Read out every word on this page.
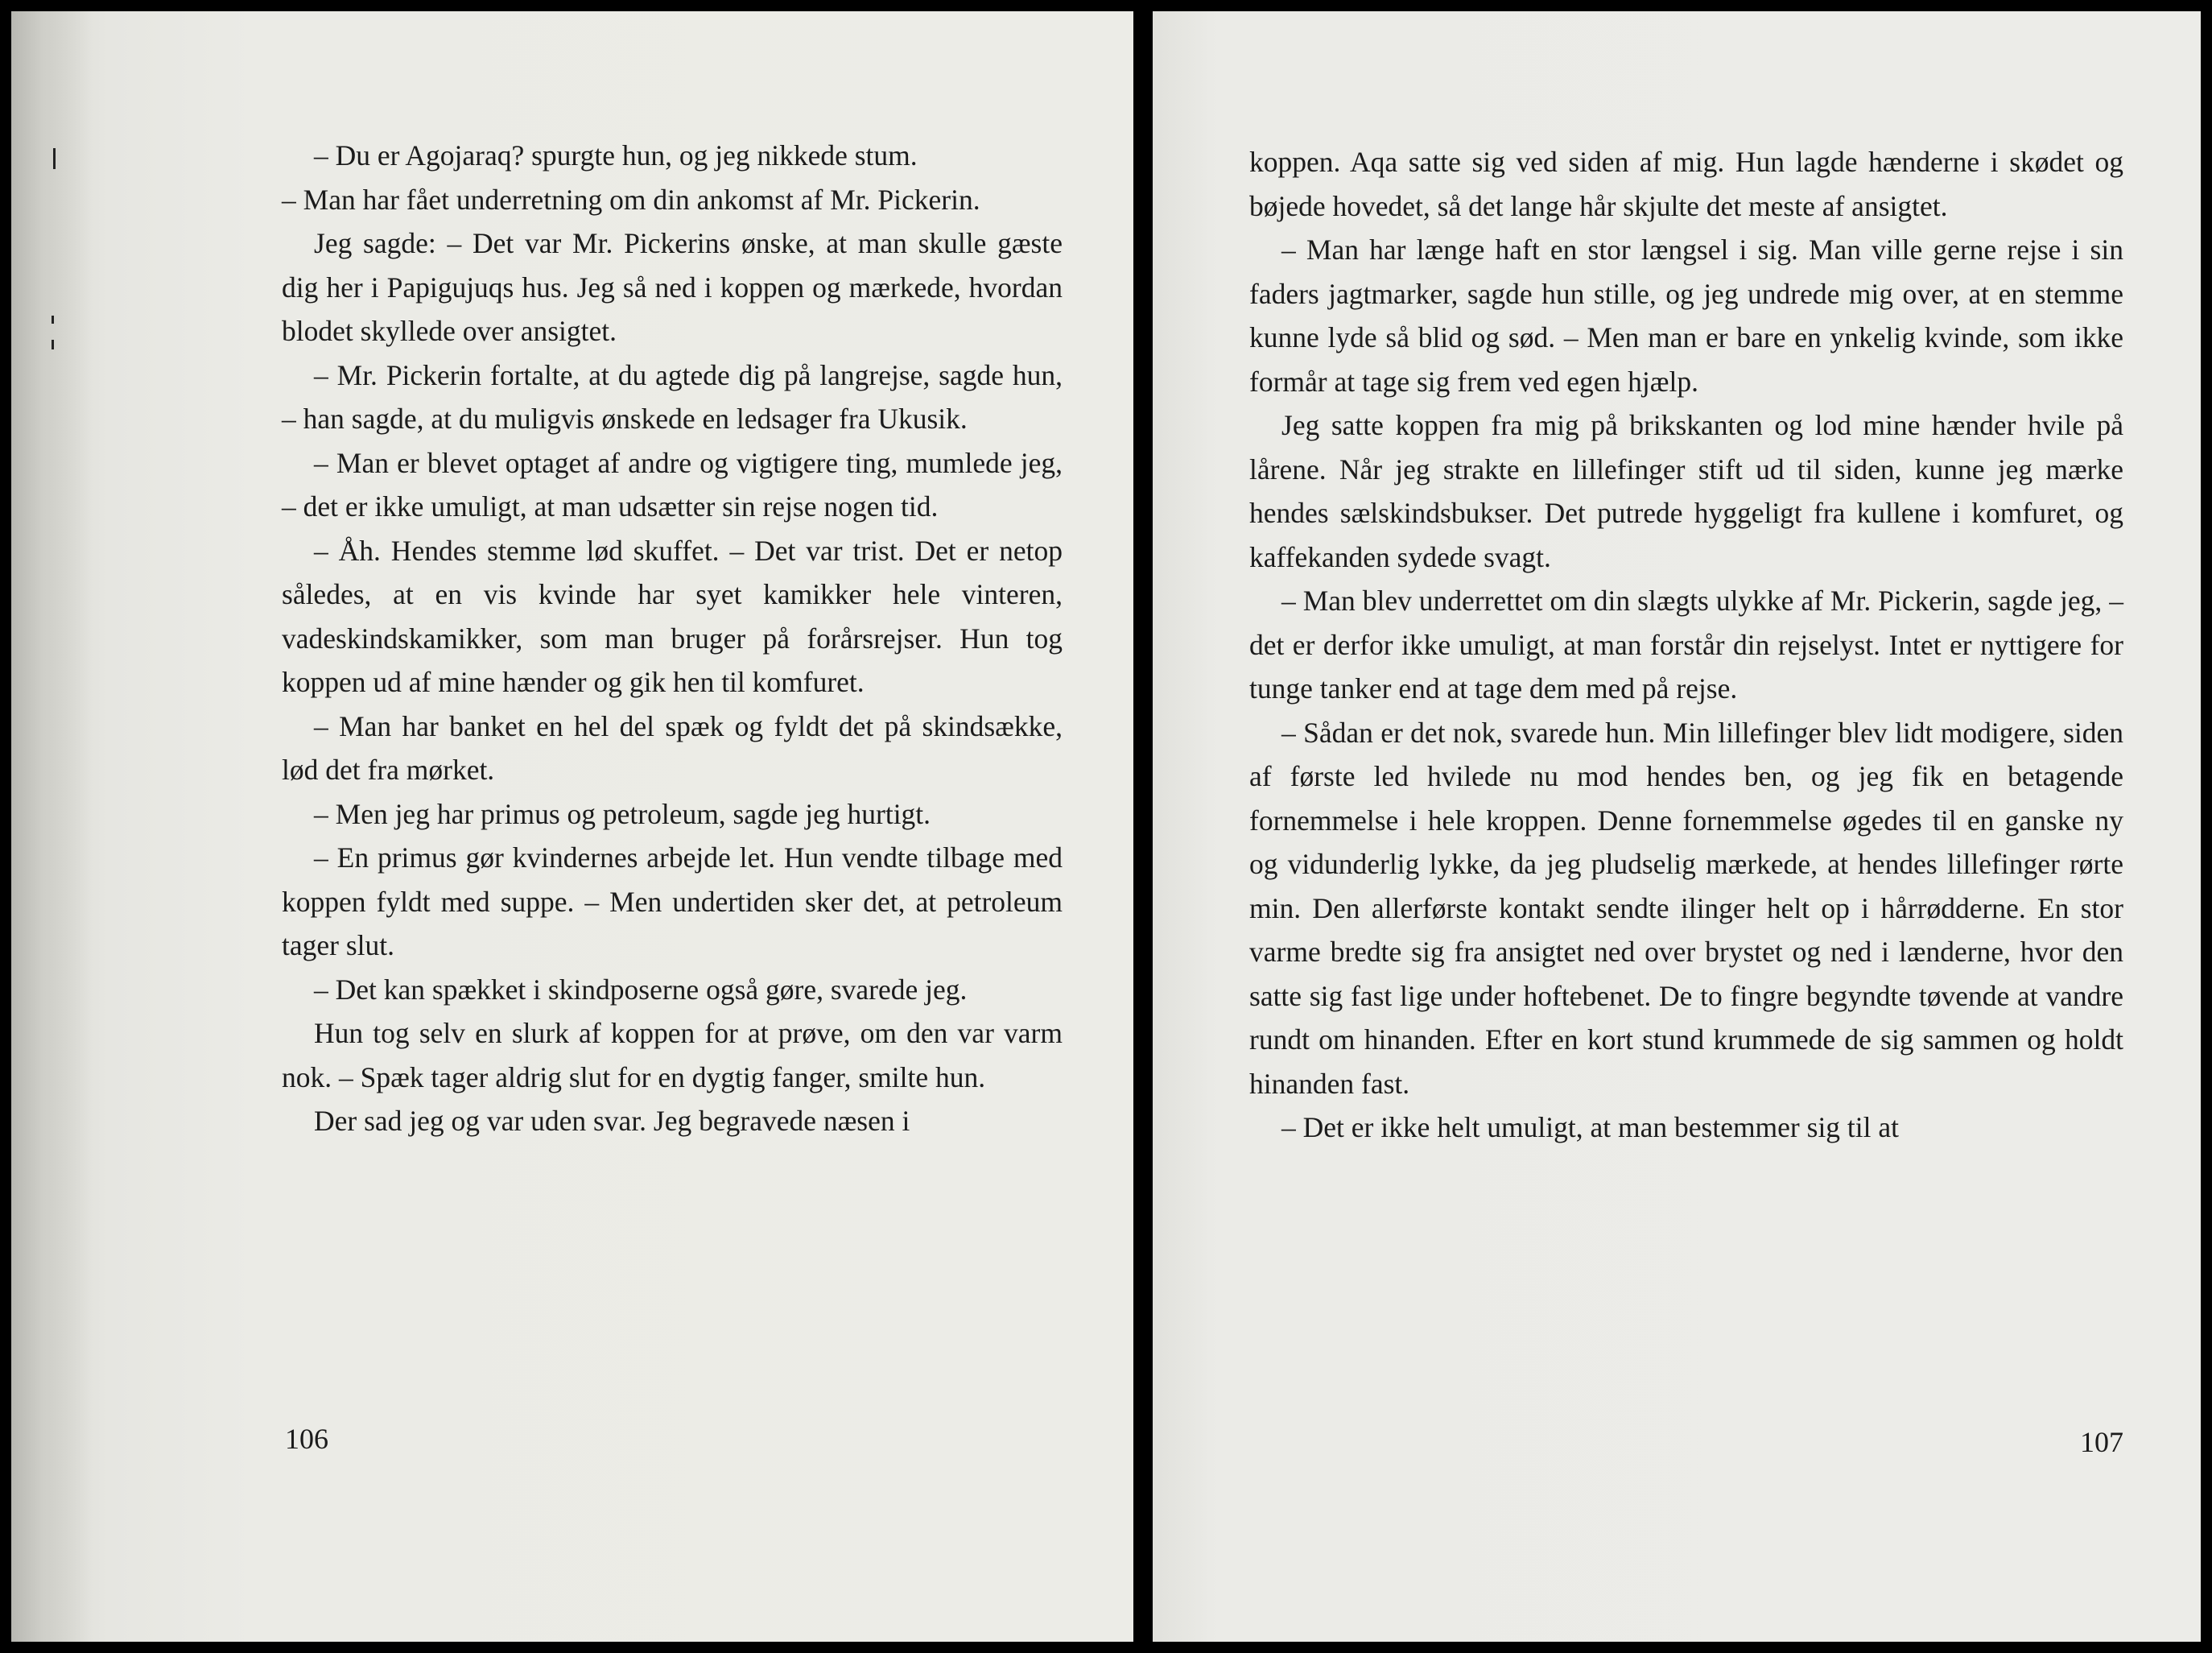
– Du er Agojaraq? spurgte hun, og jeg nikkede stum.

– Man har fået underretning om din ankomst af Mr. Pickerin.

Jeg sagde: – Det var Mr. Pickerins ønske, at man skulle gæste dig her i Papigujuqs hus. Jeg så ned i koppen og mærkede, hvordan blodet skyllede over ansigtet.

– Mr. Pickerin fortalte, at du agtede dig på langrejse, sagde hun, – han sagde, at du muligvis ønskede en ledsager fra Ukusik.

– Man er blevet optaget af andre og vigtigere ting, mumlede jeg, – det er ikke umuligt, at man udsætter sin rejse nogen tid.

– Åh. Hendes stemme lød skuffet. – Det var trist. Det er netop således, at en vis kvinde har syet kamikker hele vinteren, vadeskindskamikker, som man bruger på forårsrejser. Hun tog koppen ud af mine hænder og gik hen til komfuret.

– Man har banket en hel del spæk og fyldt det på skindsække, lød det fra mørket.

– Men jeg har primus og petroleum, sagde jeg hurtigt.

– En primus gør kvindernes arbejde let. Hun vendte tilbage med koppen fyldt med suppe. – Men undertiden sker det, at petroleum tager slut.

– Det kan spækket i skindposerne også gøre, svarede jeg.

Hun tog selv en slurk af koppen for at prøve, om den var varm nok. – Spæk tager aldrig slut for en dygtig fanger, smilte hun.

Der sad jeg og var uden svar. Jeg begravede næsen i

106

koppen. Aqa satte sig ved siden af mig. Hun lagde hænderne i skødet og bøjede hovedet, så det lange hår skjulte det meste af ansigtet.

– Man har længe haft en stor længsel i sig. Man ville gerne rejse i sin faders jagtmarker, sagde hun stille, og jeg undrede mig over, at en stemme kunne lyde så blid og sød. – Men man er bare en ynkelig kvinde, som ikke formår at tage sig frem ved egen hjælp.

Jeg satte koppen fra mig på brikskanten og lod mine hænder hvile på lårene. Når jeg strakte en lillefinger stift ud til siden, kunne jeg mærke hendes sælskindsbukser. Det putrede hyggeligt fra kullene i komfuret, og kaffekanden sydede svagt.

– Man blev underrettet om din slægts ulykke af Mr. Pickerin, sagde jeg, – det er derfor ikke umuligt, at man forstår din rejselyst. Intet er nyttigere for tunge tanker end at tage dem med på rejse.

– Sådan er det nok, svarede hun. Min lillefinger blev lidt modigere, siden af første led hvilede nu mod hendes ben, og jeg fik en betagende fornemmelse i hele kroppen. Denne fornemmelse øgedes til en ganske ny og vidunderlig lykke, da jeg pludselig mærkede, at hendes lillefinger rørte min. Den allerførste kontakt sendte ilinger helt op i hårrødderne. En stor varme bredte sig fra ansigtet ned over brystet og ned i lænderne, hvor den satte sig fast lige under hoftebenet. De to fingre begyndte tøvende at vandre rundt om hinanden. Efter en kort stund krummede de sig sammen og holdt hinanden fast.

– Det er ikke helt umuligt, at man bestemmer sig til at

107
